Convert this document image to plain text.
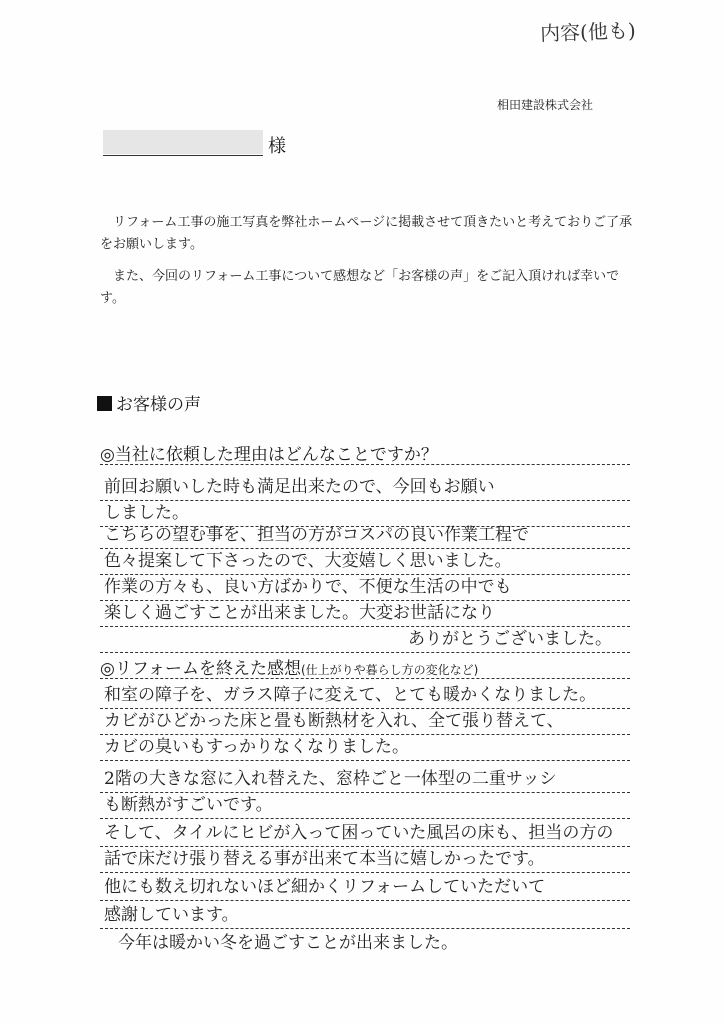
内容(他も)
相田建設株式会社
様
　リフォーム工事の施工写真を弊社ホームページに掲載させて頂きたいと考えておりご了承をお願いします。
　また、今回のリフォーム工事について感想など「お客様の声」をご記入頂ければ幸いです。
お客様の声
◎当社に依頼した理由はどんなことですか？
前回お願いした時も満足出来たので、今回もお願い
しました。
こちらの望む事を、担当の方がコスパの良い作業工程で
色々提案して下さったので、大変嬉しく思いました。
作業の方々も、良い方ばかりで、不便な生活の中でも
楽しく過ごすことが出来ました。大変お世話になり
ありがとうございました。
◎リフォームを終えた感想(仕上がりや暮らし方の変化など)
和室の障子を、ガラス障子に変えて、とても暖かくなりました。
カビがひどかった床と畳も断熱材を入れ、全て張り替えて、
カビの臭いもすっかりなくなりました。
2階の大きな窓に入れ替えた、窓枠ごと一体型の二重サッシ
も断熱がすごいです。
そして、タイルにヒビが入って困っていた風呂の床も、担当の方の
話で床だけ張り替える事が出来て本当に嬉しかったです。
他にも数え切れないほど細かくリフォームしていただいて
感謝しています。
今年は暖かい冬を過ごすことが出来ました。
